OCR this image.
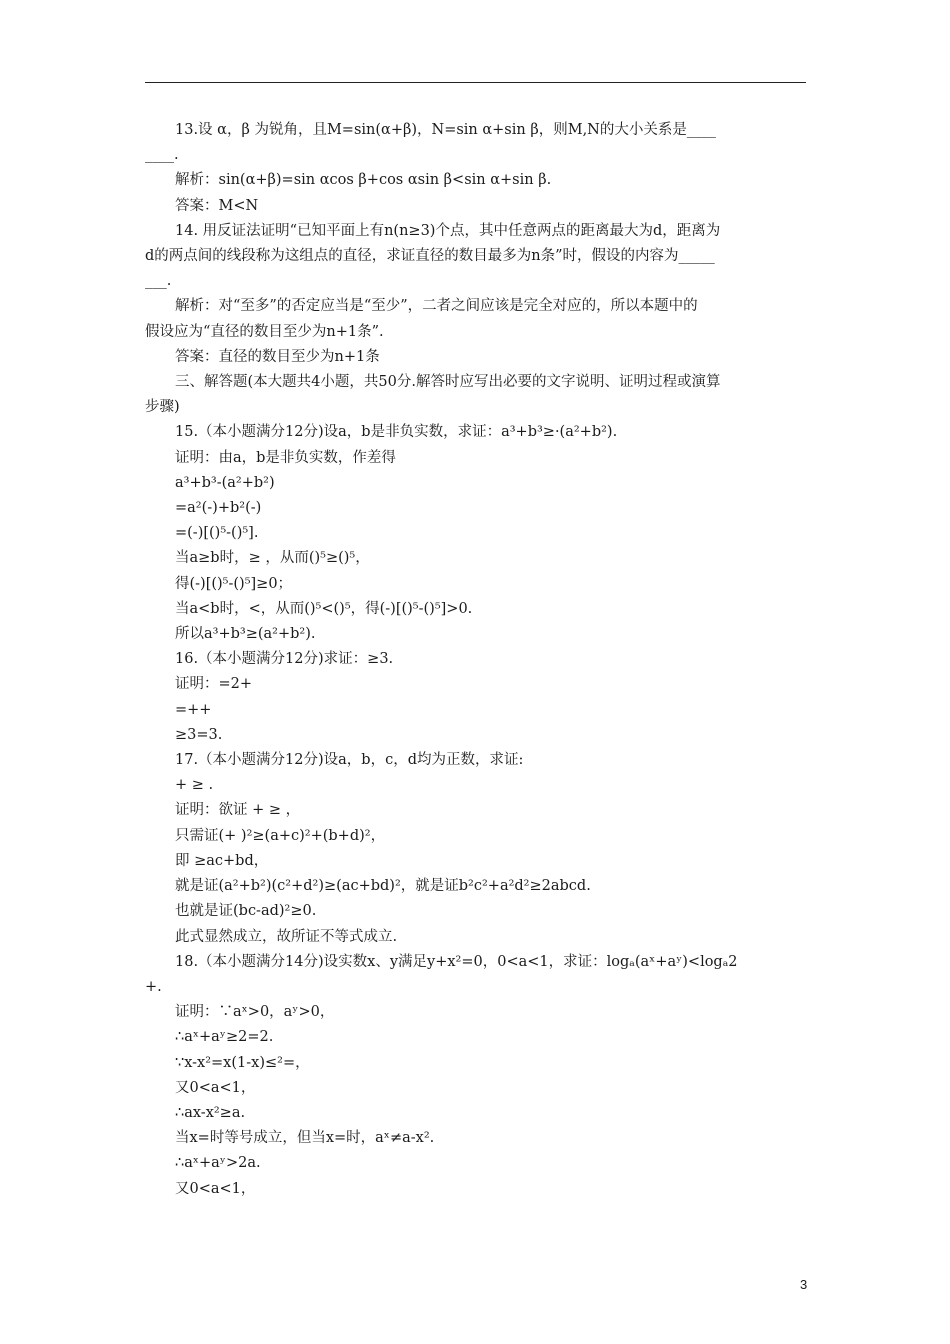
13.设 α，β 为锐角，且M=sin(α+β)，N=sin α+sin β，则M,N的大小关系是____
____.
解析：sin(α+β)=sin αcos β+cos αsin β<sin α+sin β.
答案：M<N
14. 用反证法证明“已知平面上有n(n≥3)个点，其中任意两点的距离最大为d，距离为
d的两点间的线段称为这组点的直径，求证直径的数目最多为n条”时，假设的内容为_____
___.
解析：对“至多”的否定应当是“至少”，二者之间应该是完全对应的，所以本题中的
假设应为“直径的数目至少为n+1条”.
答案：直径的数目至少为n+1条
三、解答题(本大题共4小题，共50分.解答时应写出必要的文字说明、证明过程或演算
步骤)
15.（本小题满分12分)设a，b是非负实数，求证：a³+b³≥·(a²+b²).
证明：由a，b是非负实数，作差得
a³+b³-(a²+b²)
=a²(-)+b²(-)
=(-)[()⁵-()⁵].
当a≥b时，≥ ，从而()⁵≥()⁵，
得(-)[()⁵-()⁵]≥0；
当a<b时，<，从而()⁵<()⁵，得(-)[()⁵-()⁵]>0.
所以a³+b³≥(a²+b²).
16.（本小题满分12分)求证：≥3.
证明：=2+
=++
≥3=3.
17.（本小题满分12分)设a，b，c，d均为正数，求证:
+ ≥ .
证明：欲证 + ≥ ，
只需证(+ )²≥(a+c)²+(b+d)²，
即 ≥ac+bd，
就是证(a²+b²)(c²+d²)≥(ac+bd)²，就是证b²c²+a²d²≥2abcd.
也就是证(bc-ad)²≥0.
此式显然成立，故所证不等式成立.
18.（本小题满分14分)设实数x、y满足y+x²=0，0<a<1，求证：logₐ(aˣ+aʸ)<logₐ2
+.
证明：∵aˣ>0，aʸ>0，
∴aˣ+aʸ≥2=2.
∵x-x²=x(1-x)≤²=，
又0<a<1，
∴ax-x²≥a.
当x=时等号成立，但当x=时，aˣ≠a-x².
∴aˣ+aʸ>2a.
又0<a<1，
3
